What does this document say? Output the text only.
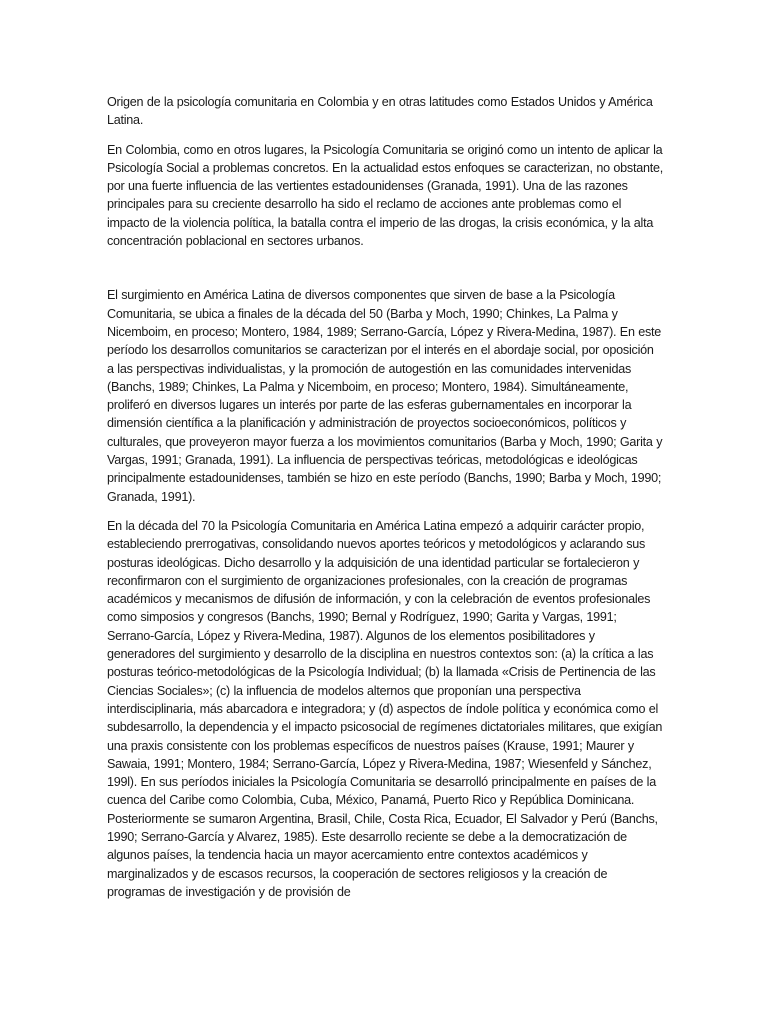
Origen de la psicología comunitaria en Colombia y en otras latitudes como Estados Unidos y América Latina.

En Colombia, como en otros lugares, la Psicología Comunitaria se originó como un intento de aplicar la Psicología Social a problemas concretos. En la actualidad estos enfoques se caracterizan, no obstante, por una fuerte influencia de las vertientes estadounidenses (Granada, 1991). Una de las razones principales para su creciente desarrollo ha sido el reclamo de acciones ante problemas como el impacto de la violencia política, la batalla contra el imperio de las drogas, la crisis económica, y la alta concentración poblacional en sectores urbanos.

El surgimiento en América Latina de diversos componentes que sirven de base a la Psicología Comunitaria, se ubica a finales de la década del 50 (Barba y Moch, 1990; Chinkes, La Palma y Nicemboim, en proceso; Montero, 1984, 1989; Serrano-García, López y Rivera-Medina, 1987). En este período los desarrollos comunitarios se caracterizan por el interés en el abordaje social, por oposición a las perspectivas individualistas, y la promoción de autogestión en las comunidades intervenidas (Banchs, 1989; Chinkes, La Palma y Nicemboim, en proceso; Montero, 1984). Simultáneamente, proliferó en diversos lugares un interés por parte de las esferas gubernamentales en incorporar la dimensión científica a la planificación y administración de proyectos socioeconómicos, políticos y culturales, que proveyeron mayor fuerza a los movimientos comunitarios (Barba y Moch, 1990; Garita y Vargas, 1991; Granada, 1991). La influencia de perspectivas teóricas, metodológicas e ideológicas principalmente estadounidenses, también se hizo en este período (Banchs, 1990; Barba y Moch, 1990; Granada, 1991).

En la década del 70 la Psicología Comunitaria en América Latina empezó a adquirir carácter propio, estableciendo prerrogativas, consolidando nuevos aportes teóricos y metodológicos y aclarando sus posturas ideológicas. Dicho desarrollo y la adquisición de una identidad particular se fortalecieron y reconfirmaron con el surgimiento de organizaciones profesionales, con la creación de programas académicos y mecanismos de difusión de información, y con la celebración de eventos profesionales como simposios y congresos (Banchs, 1990; Bernal y Rodríguez, 1990; Garita y Vargas, 1991; Serrano-García, López y Rivera-Medina, 1987). Algunos de los elementos posibilitadores y generadores del surgimiento y desarrollo de la disciplina en nuestros contextos son: (a) la crítica a las posturas teórico-metodológicas de la Psicología Individual; (b) la llamada «Crisis de Pertinencia de las Ciencias Sociales»; (c) la influencia de modelos alternos que proponían una perspectiva interdisciplinaria, más abarcadora e integradora; y (d) aspectos de índole política y económica como el subdesarrollo, la dependencia y el impacto psicosocial de regímenes dictatoriales militares, que exigían una praxis consistente con los problemas específicos de nuestros países (Krause, 1991; Maurer y Sawaia, 1991; Montero, 1984; Serrano-García, López y Rivera-Medina, 1987; Wiesenfeld y Sánchez, 199l). En sus períodos iniciales la Psicología Comunitaria se desarrolló principalmente en países de la cuenca del Caribe como Colombia, Cuba, México, Panamá, Puerto Rico y República Dominicana. Posteriormente se sumaron Argentina, Brasil, Chile, Costa Rica, Ecuador, El Salvador y Perú (Banchs, 1990; Serrano-García y Alvarez, 1985). Este desarrollo reciente se debe a la democratización de algunos países, la tendencia hacia un mayor acercamiento entre contextos académicos y marginalizados y de escasos recursos, la cooperación de sectores religiosos y la creación de programas de investigación y de provisión de
